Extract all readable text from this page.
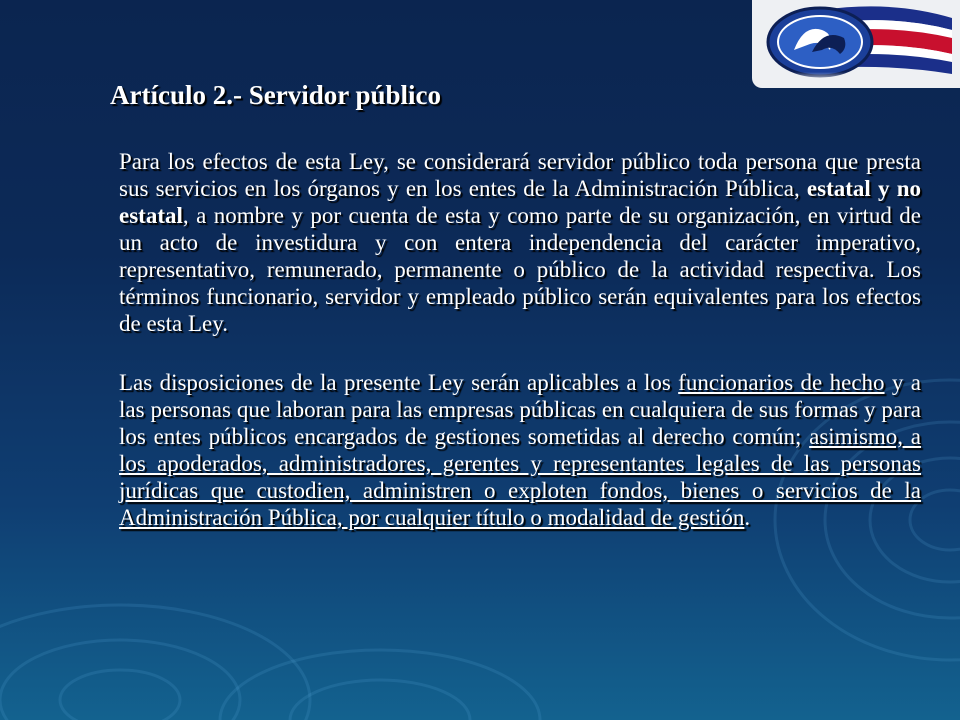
Artículo 2.- Servidor público

Para los efectos de esta Ley, se considerará servidor público toda persona que presta sus servicios en los órganos y en los entes de la Administración Pública, estatal y no estatal, a nombre y por cuenta de esta y como parte de su organización, en virtud de un acto de investidura y con entera independencia del carácter imperativo, representativo, remunerado, permanente o público de la actividad respectiva. Los términos funcionario, servidor y empleado público serán equivalentes para los efectos de esta Ley.

Las disposiciones de la presente Ley serán aplicables a los funcionarios de hecho y a las personas que laboran para las empresas públicas en cualquiera de sus formas y para los entes públicos encargados de gestiones sometidas al derecho común; asimismo, a los apoderados, administradores, gerentes y representantes legales de las personas jurídicas que custodien, administren o exploten fondos, bienes o servicios de la Administración Pública, por cualquier título o modalidad de gestión.
